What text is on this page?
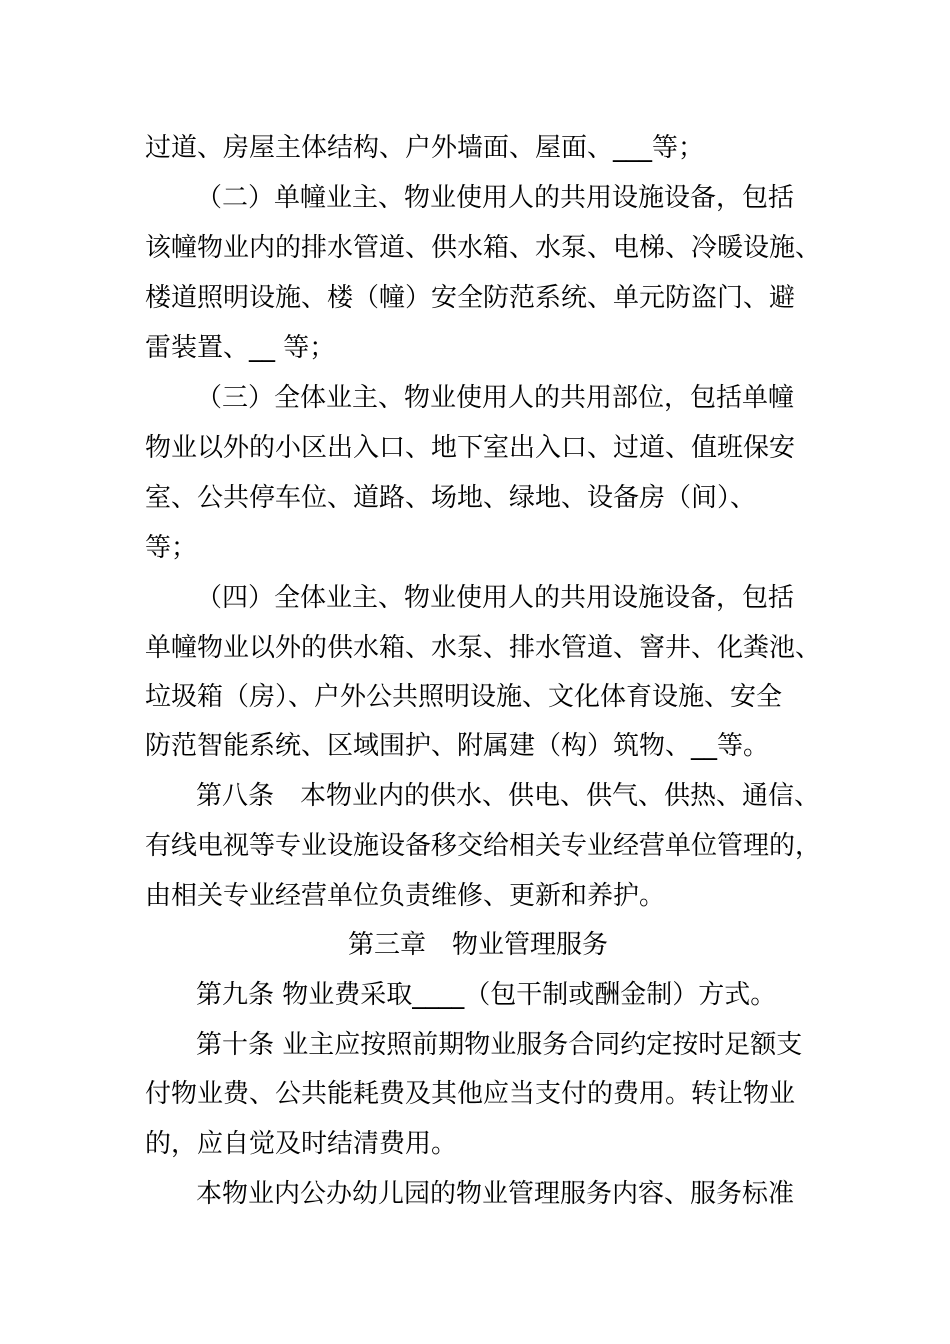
过道、房屋主体结构、户外墙面、屋面、___等；
（二）单幢业主、物业使用人的共用设施设备，包括
该幢物业内的排水管道、供水箱、水泵、电梯、冷暖设施、
楼道照明设施、楼（幢）安全防范系统、单元防盗门、避
雷装置、__ 等；
（三）全体业主、物业使用人的共用部位，包括单幢
物业以外的小区出入口、地下室出入口、过道、值班保安
室、公共停车位、道路、场地、绿地、设备房（间）、
等；
（四）全体业主、物业使用人的共用设施设备，包括
单幢物业以外的供水箱、水泵、排水管道、窨井、化粪池、
垃圾箱（房）、户外公共照明设施、文化体育设施、安全
防范智能系统、区域围护、附属建（构）筑物、__等。
第八条　本物业内的供水、供电、供气、供热、通信、
有线电视等专业设施设备移交给相关专业经营单位管理的，
由相关专业经营单位负责维修、更新和养护。
第三章　物业管理服务
第九条 物业费采取____（包干制或酬金制）方式。
第十条 业主应按照前期物业服务合同约定按时足额支
付物业费、公共能耗费及其他应当支付的费用。转让物业
的，应自觉及时结清费用。
本物业内公办幼儿园的物业管理服务内容、服务标准
